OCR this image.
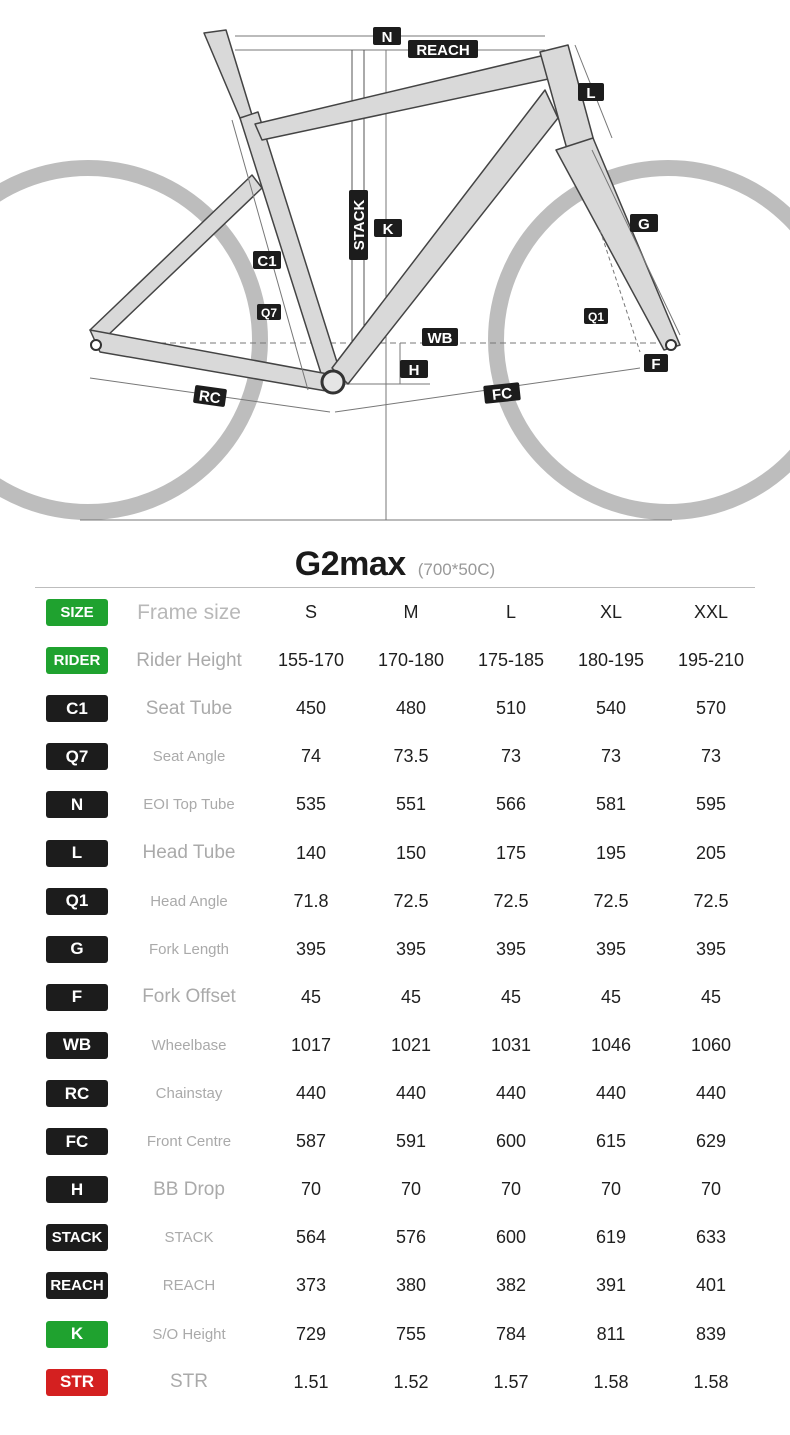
N
REACH
L
STACK K	G
C1
Q7	Q1
WB
H	F
RC	FC
G2max (700*50C)
SIZE	Frame size	S	M	L	XL	XXL
RIDER	Rider Height	155-170	170-180	175-185	180-195	195-210
C1	Seat Tube	450	480	510	540	570
Q7	Seat Angle	74	73.5	73	73	73
N	EOI Top Tube	535	551	566	581	595
L	Head Tube	140	150	175	195	205
Q1	Head Angle	71.8	72.5	72.5	72.5	72.5
G	Fork Length	395	395	395	395	395
F	Fork Offset	45	45	45	45	45
WB	Wheelbase	1017	1021	1031	1046	1060
RC	Chainstay	440	440	440	440	440
FC	Front Centre	587	591	600	615	629
H	BB Drop	70	70	70	70	70
STACK	STACK	564	576	600	619	633
REACH	REACH	373	380	382	391	401
K	S/O Height	729	755	784	811	839
STR	STR	1.51	1.52	1.57	1.58	1.58
